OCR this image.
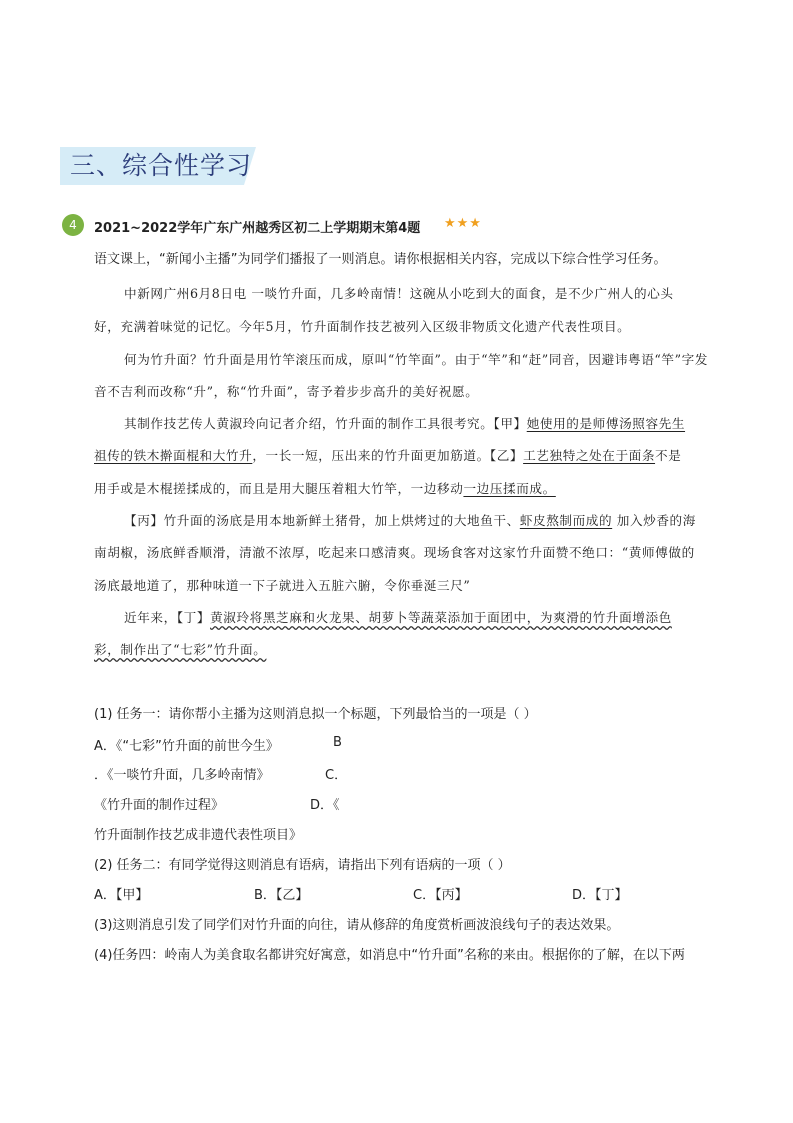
三、综合性学习
4	2021~2022学年广东广州越秀区初二上学期期末第4题 ★★★
语文课上，“新闻小主播”为同学们播报了一则消息。请你根据相关内容，完成以下综合性学习任务。
中新网广州6月8日电 一啖竹升面，几多岭南情！这碗从小吃到大的面食，是不少广州人的心头
好，充满着味觉的记忆。今年5月，竹升面制作技艺被列入区级非物质文化遗产代表性项目。
何为竹升面？竹升面是用竹竿滚压而成，原叫“竹竿面”。由于“竿”和“赶”同音，因避讳粤语“竿”字发
音不吉利而改称“升”，称“竹升面”，寄予着步步高升的美好祝愿。
其制作技艺传人黄淑玲向记者介绍，竹升面的制作工具很考究。【甲】她使用的是师傅汤照容先生
祖传的铁木擀面棍和大竹升，一长一短，压出来的竹升面更加筋道。【乙】工艺独特之处在于面条不是
用手或是木棍搓揉成的，而且是用大腿压着粗大竹竿，一边移动一边压揉而成。
【丙】竹升面的汤底是用本地新鲜土猪骨，加上烘烤过的大地鱼干、虾皮熬制而成的 加入炒香的海
南胡椒，汤底鲜香顺滑，清澈不浓厚，吃起来口感清爽。现场食客对这家竹升面赞不绝口：“黄师傅做的
汤底最地道了，那种味道一下子就进入五脏六腑，令你垂涎三尺”
近年来，【丁】黄淑玲将黑芝麻和火龙果、胡萝卜等蔬菜添加于面团中，为爽滑的竹升面增添色
彩，制作出了“七彩”竹升面。
(1) 任务一：请你帮小主播为这则消息拟一个标题，下列最恰当的一项是（ ）
A．《“七彩”竹升面的前世今生》	B
．《一啖竹升面，几多岭南情》	C．
《竹升面的制作过程》	D．《
竹升面制作技艺成非遗代表性项目》
(2) 任务二：有同学觉得这则消息有语病，请指出下列有语病的一项（ ）
A．【甲】	B．【乙】	C．【丙】	D．【丁】
(3)这则消息引发了同学们对竹升面的向往，请从修辞的角度赏析画波浪线句子的表达效果。
(4)任务四：岭南人为美食取名都讲究好寓意，如消息中“竹升面”名称的来由。根据你的了解，在以下两
